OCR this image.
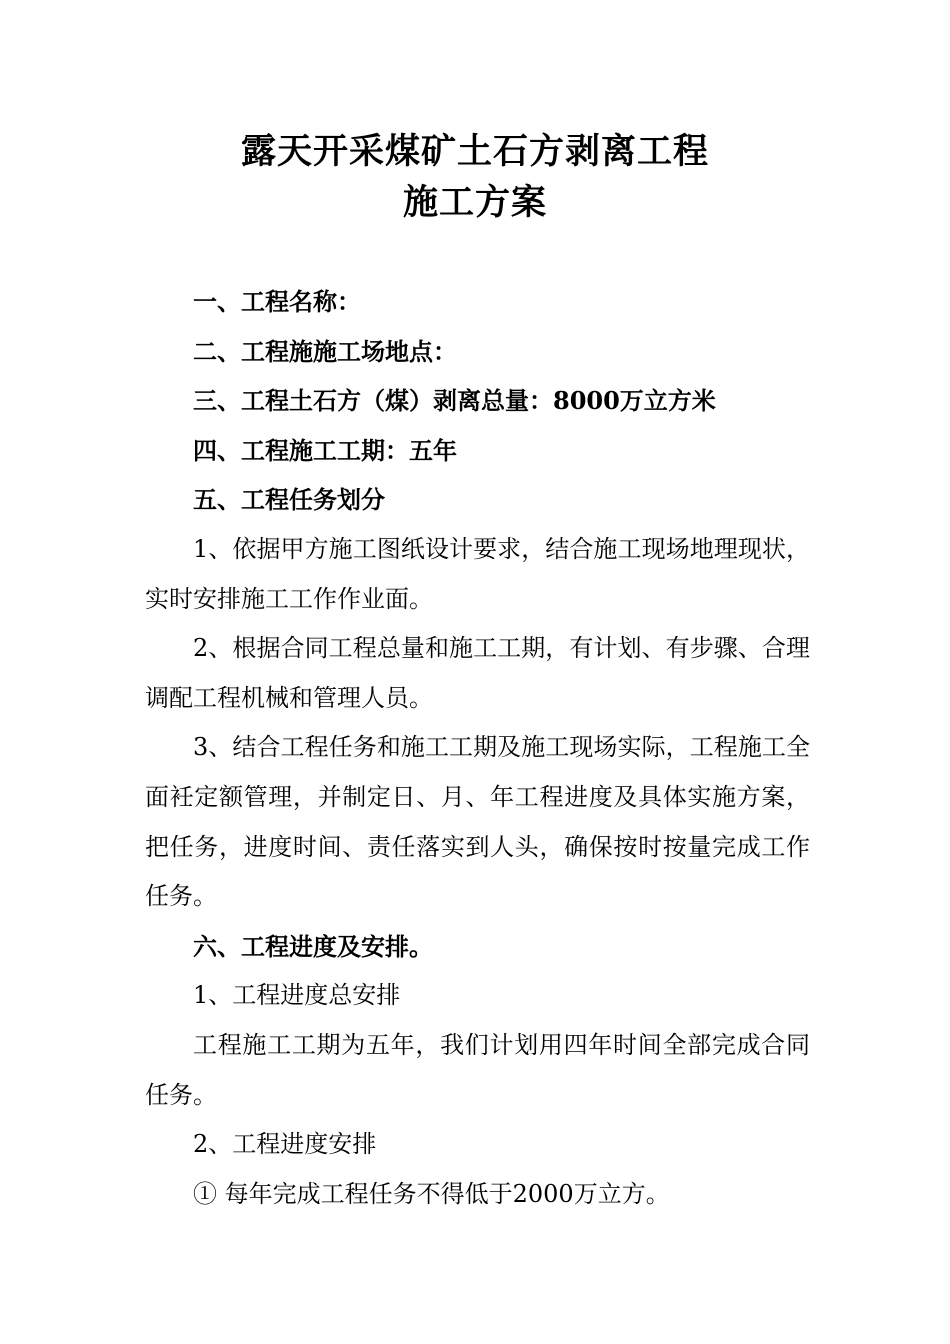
露天开采煤矿土石方剥离工程
施工方案

一、工程名称：

二、工程施施工场地点：

三、工程土石方（煤）剥离总量：8000万立方米

四、工程施工工期：五年

五、工程任务划分

1、依据甲方施工图纸设计要求，结合施工现场地理现状，实时安排施工工作作业面。

2、根据合同工程总量和施工工期，有计划、有步骤、合理调配工程机械和管理人员。

3、结合工程任务和施工工期及施工现场实际，工程施工全面衽定额管理，并制定日、月、年工程进度及具体实施方案，把任务，进度时间、责任落实到人头，确保按时按量完成工作任务。

六、工程进度及安排。

1、工程进度总安排

工程施工工期为五年，我们计划用四年时间全部完成合同任务。

2、工程进度安排

① 每年完成工程任务不得低于2000万立方。
